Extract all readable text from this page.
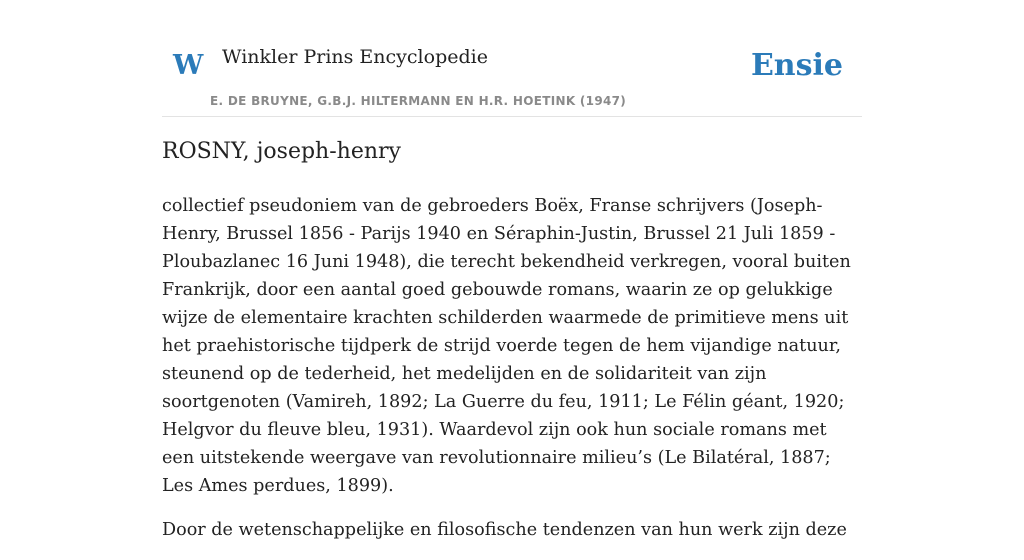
W Winkler Prins Encyclopedie
E. DE BRUYNE, G.B.J. HILTERMANN EN H.R. HOETINK (1947)
Ensie
ROSNY, joseph-henry

collectief pseudoniem van de gebroeders Boëx, Franse schrijvers (Joseph-Henry, Brussel 1856 - Parijs 1940 en Séraphin-Justin, Brussel 21 Juli 1859 - Ploubazlanec 16 Juni 1948), die terecht bekendheid verkregen, vooral buiten Frankrijk, door een aantal goed gebouwde romans, waarin ze op gelukkige wijze de elementaire krachten schilderden waarmede de primitieve mens uit het praehistorische tijdperk de strijd voerde tegen de hem vijandige natuur, steunend op de tederheid, het medelijden en de solidariteit van zijn soortgenoten (Vamireh, 1892; La Guerre du feu, 1911; Le Félin géant, 1920; Helgvor du fleuve bleu, 1931). Waardevol zijn ook hun sociale romans met een uitstekende weergave van revolutionnaire milieu’s (Le Bilatéral, 1887; Les Ames perdues, 1899).

Door de wetenschappelijke en filosofische tendenzen van hun werk zijn deze
